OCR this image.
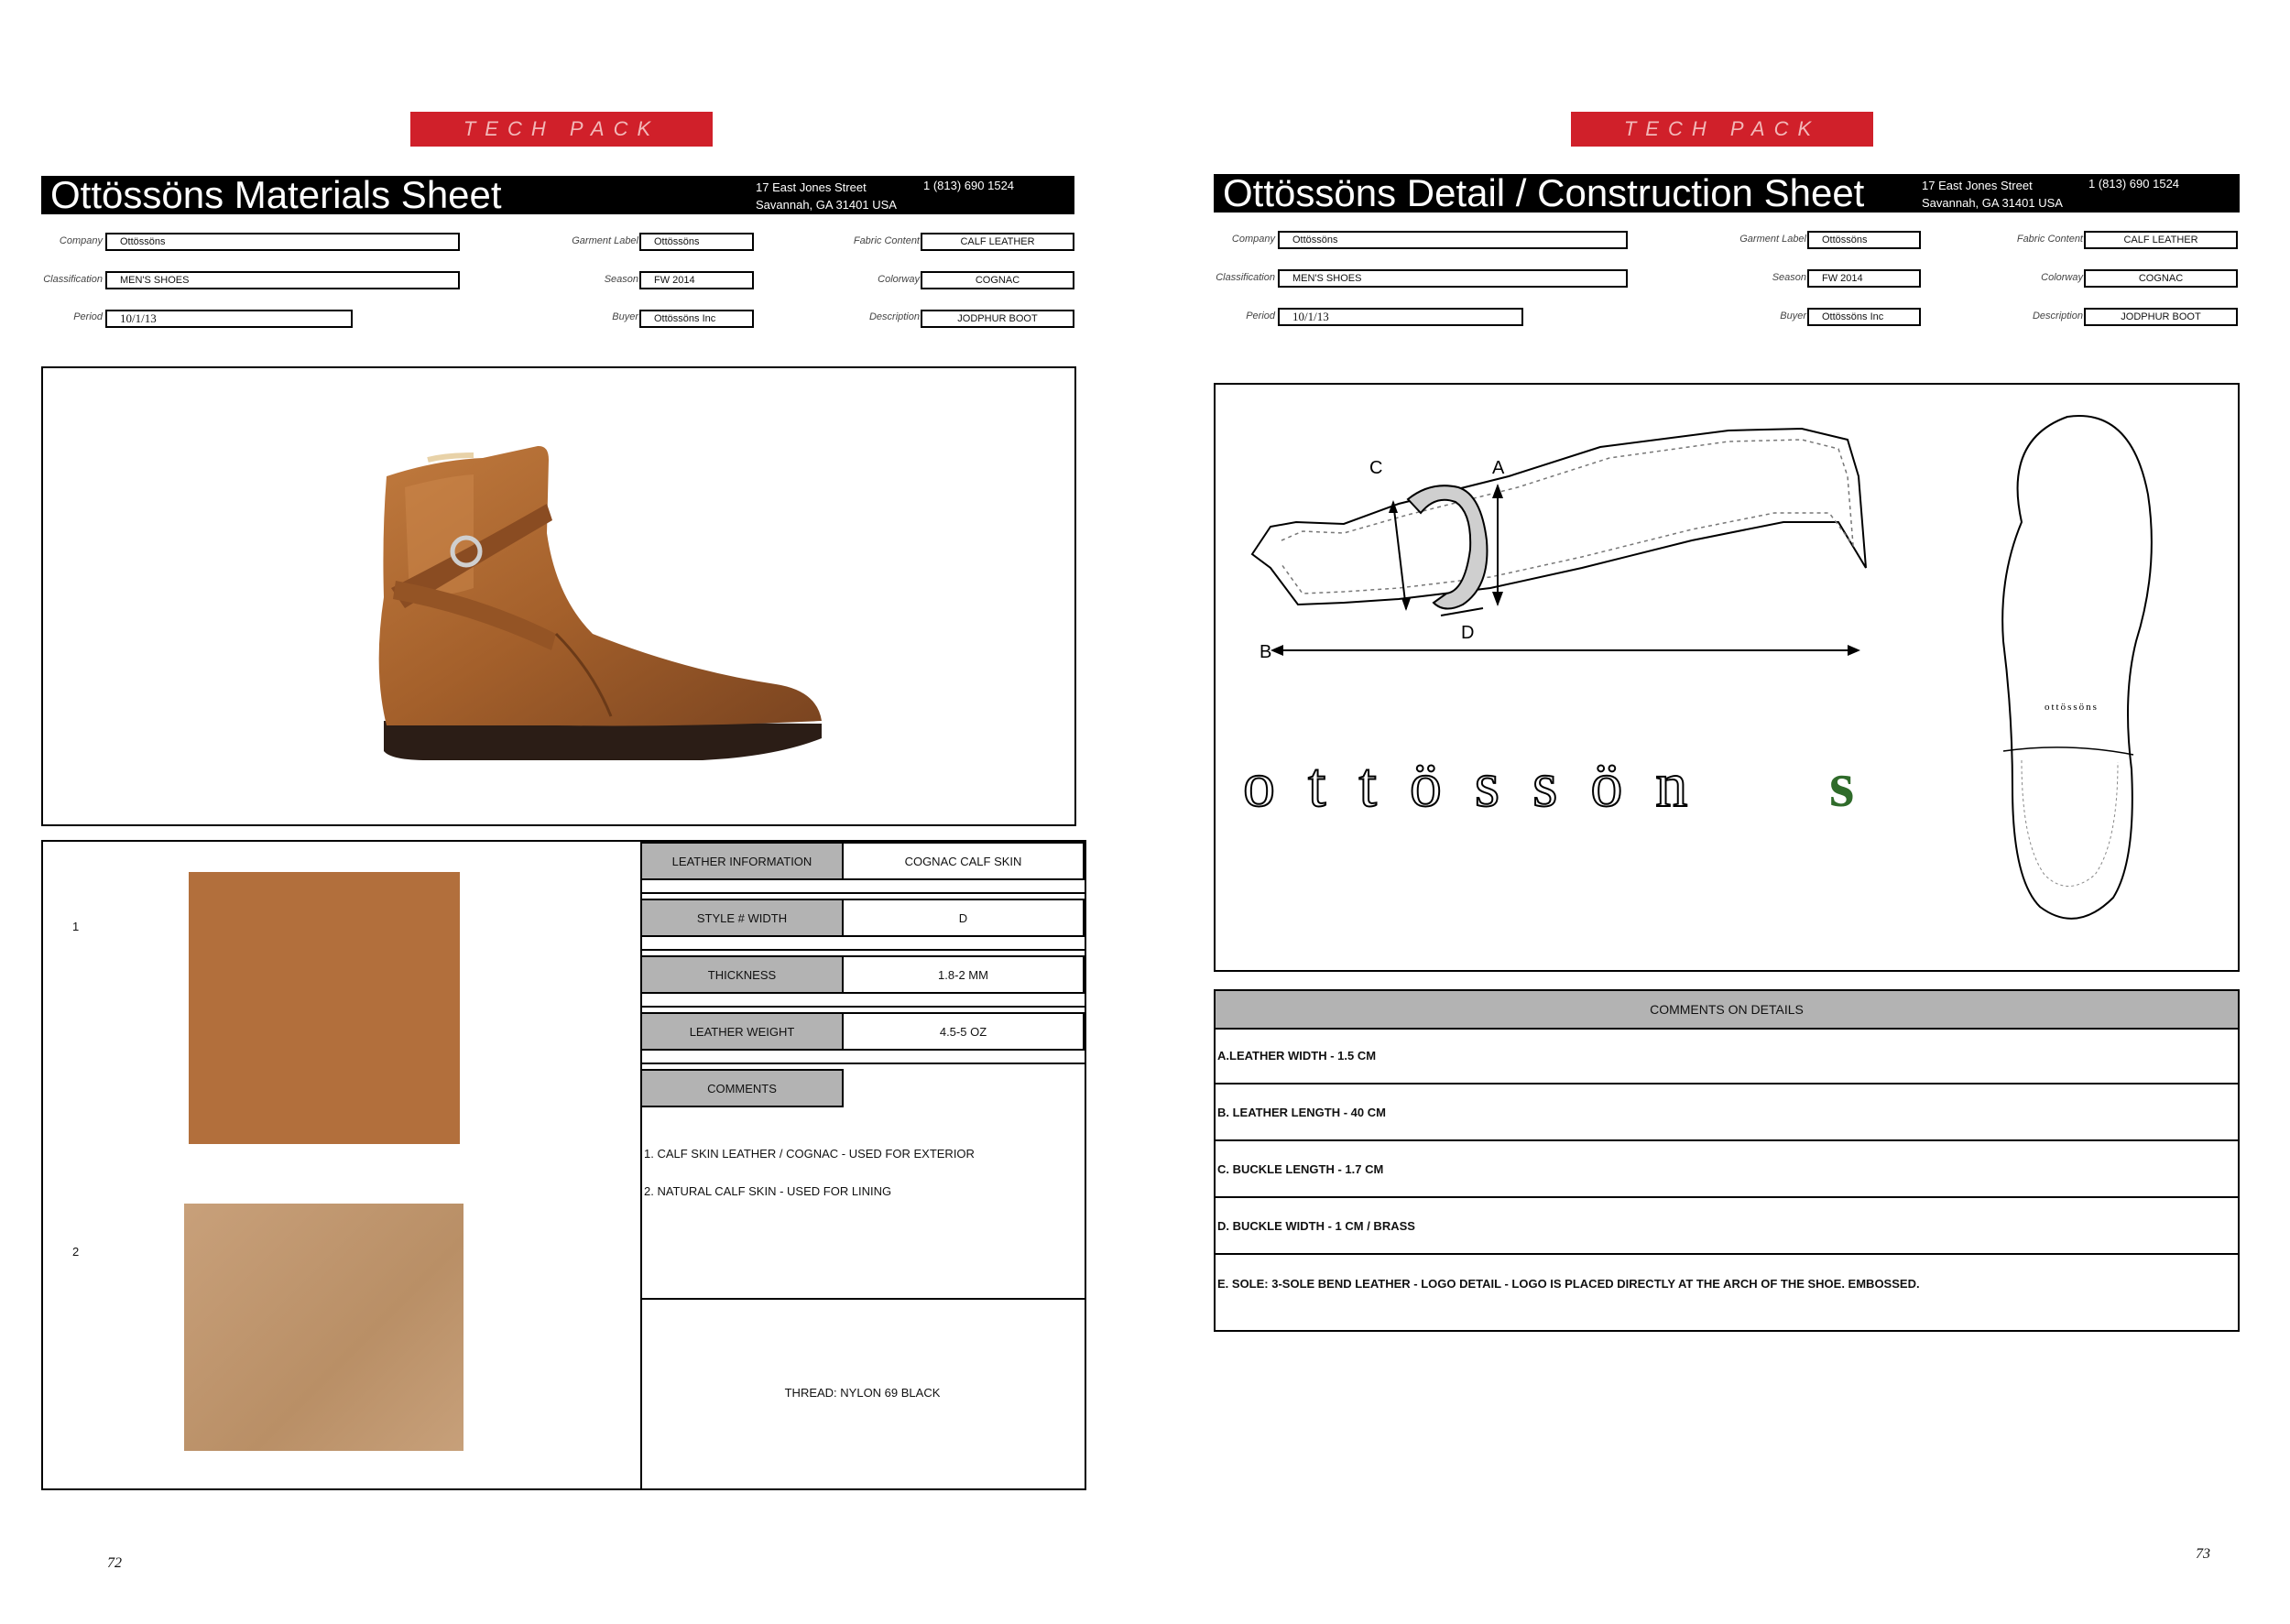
TECH PACK
Ottössöns Materials Sheet	17 East Jones Street
Savannah, GA 31401 USA
1 (813) 690 1524
Company	Ottössöns
Classification	MEN'S SHOES
Period	10/1/13
Garment Label	Ottössöns
Season	FW 2014
Buyer	Ottössöns Inc
Fabric Content	CALF LEATHER
Colorway	COGNAC
Description	JODPHUR BOOT
1
2
LEATHER INFORMATION	COGNAC CALF SKIN
STYLE # WIDTH	D
THICKNESS	1.8-2 MM
LEATHER WEIGHT	4.5-5 OZ
COMMENTS
1. CALF SKIN LEATHER / COGNAC - USED FOR EXTERIOR
2. NATURAL CALF SKIN - USED FOR LINING
THREAD: NYLON 69 BLACK
72
TECH PACK
Ottössöns Detail / Construction Sheet	17 East Jones Street
Savannah, GA 31401 USA
1 (813) 690 1524
Company	Ottössöns
Classification	MEN'S SHOES
Period	10/1/13
Garment Label	Ottössöns
Season	FW 2014
Buyer	Ottössöns Inc
Fabric Content	CALF LEATHER
Colorway	COGNAC
Description	JODPHUR BOOT
C	A
D
B
ottössön s
ottössöns
COMMENTS ON DETAILS
A.LEATHER WIDTH - 1.5 CM
B. LEATHER LENGTH - 40 CM
C. BUCKLE LENGTH - 1.7 CM
D. BUCKLE WIDTH - 1 CM / BRASS
E. SOLE: 3-SOLE BEND LEATHER - LOGO DETAIL - LOGO IS PLACED DIRECTLY AT THE ARCH OF THE SHOE. EMBOSSED.
73
